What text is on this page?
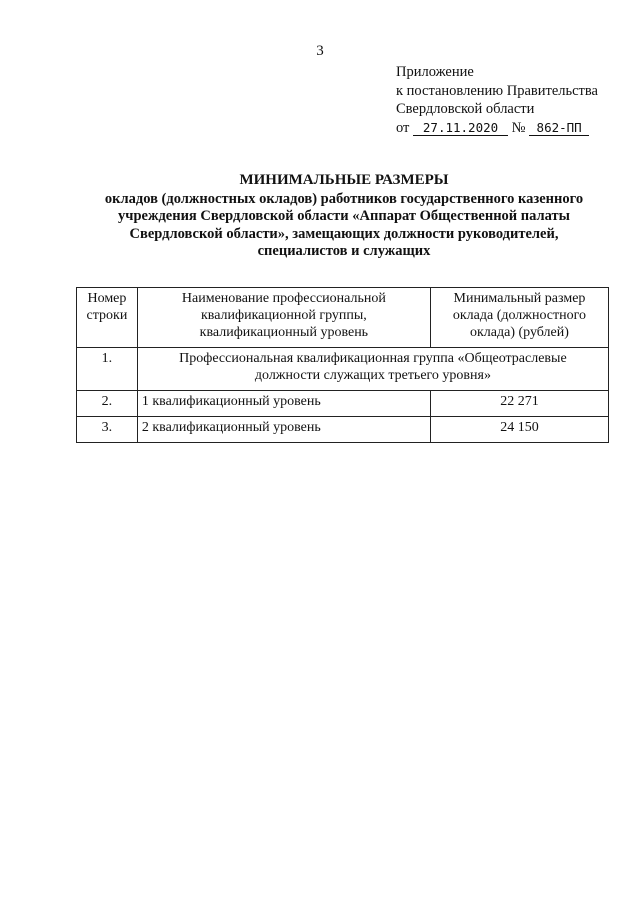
3
Приложение
к постановлению Правительства
Свердловской области
от 27.11.2020 № 862-ПП
МИНИМАЛЬНЫЕ РАЗМЕРЫ
окладов (должностных окладов) работников государственного казенного
учреждения Свердловской области «Аппарат Общественной палаты
Свердловской области», замещающих должности руководителей,
специалистов и служащих
Номер строки	Наименование профессиональной квалификационной группы, квалификационный уровень	Минимальный размер оклада (должностного оклада) (рублей)
1.	Профессиональная квалификационная группа «Общеотраслевые должности служащих третьего уровня»	
2.	1 квалификационный уровень	22 271
3.	2 квалификационный уровень	24 150
